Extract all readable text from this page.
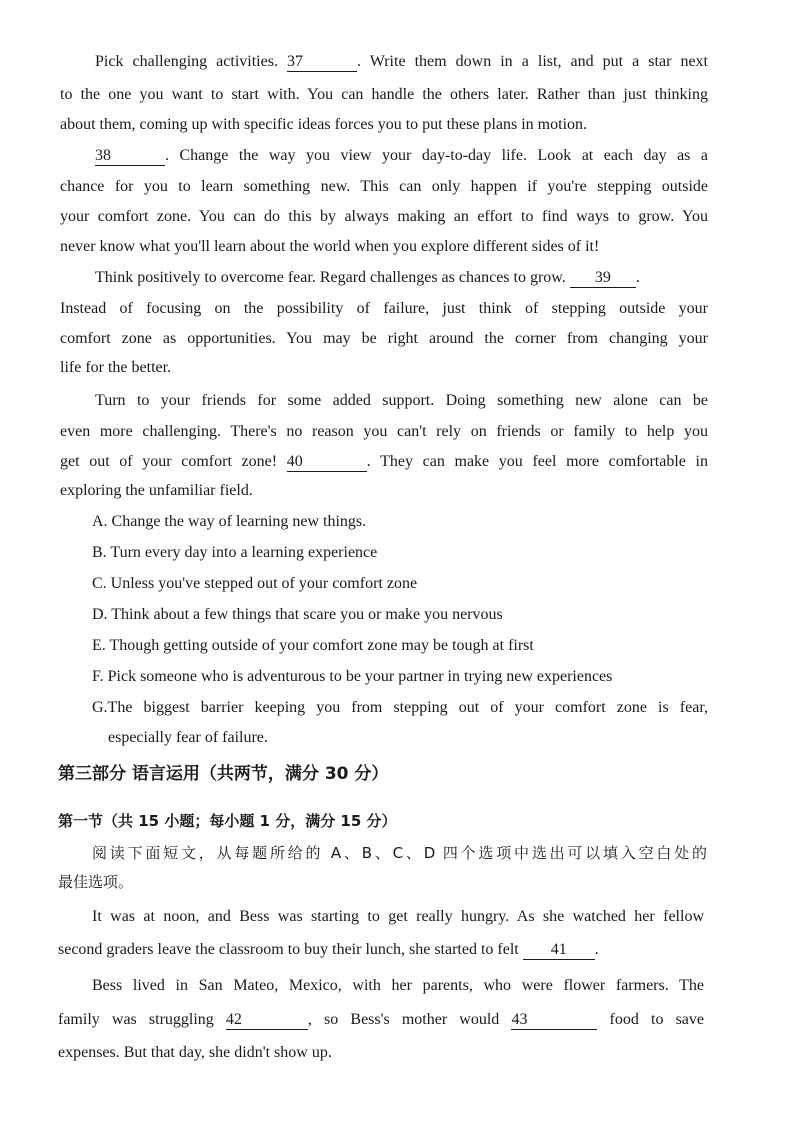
Pick challenging activities. 37	. Write them down in a list, and put a star next
to the one you want to start with. You can handle the others later. Rather than just thinking
about them, coming up with specific ideas forces you to put these plans in motion.
38	. Change the way you view your day-to-day life. Look at each day as a
chance for you to learn something new. This can only happen if you're stepping outside
your comfort zone. You can do this by always making an effort to find ways to grow. You
never know what you'll learn about the world when you explore different sides of it!
Think positively to overcome fear. Regard challenges as chances to grow. 39 .
Instead of focusing on the possibility of failure, just think of stepping outside your
comfort zone as opportunities. You may be right around the corner from changing your
life for the better.
Turn to your friends for some added support. Doing something new alone can be
even more challenging. There's no reason you can't rely on friends or family to help you
get out of your comfort zone! 40	. They can make you feel more comfortable in
exploring the unfamiliar field.
A. Change the way of learning new things.
B. Turn every day into a learning experience
C. Unless you've stepped out of your comfort zone
D. Think about a few things that scare you or make you nervous
E. Though getting outside of your comfort zone may be tough at first
F. Pick someone who is adventurous to be your partner in trying new experiences
G.The biggest barrier keeping you from stepping out of your comfort zone is fear,
especially fear of failure.
第三部分 语言运用（共两节，满分 30 分）
第一节（共 15 小题；每小题 1 分，满分 15 分）
阅读下面短文，从每题所给的 A、B、C、D 四个选项中选出可以填入空白处的
最佳选项。
It was at noon, and Bess was starting to get really hungry. As she watched her fellow
second graders leave the classroom to buy their lunch, she started to felt 41 .
Bess lived in San Mateo, Mexico, with her parents, who were flower farmers. The
family was struggling 42	, so Bess's mother would 43	food to save
expenses. But that day, she didn't show up.
